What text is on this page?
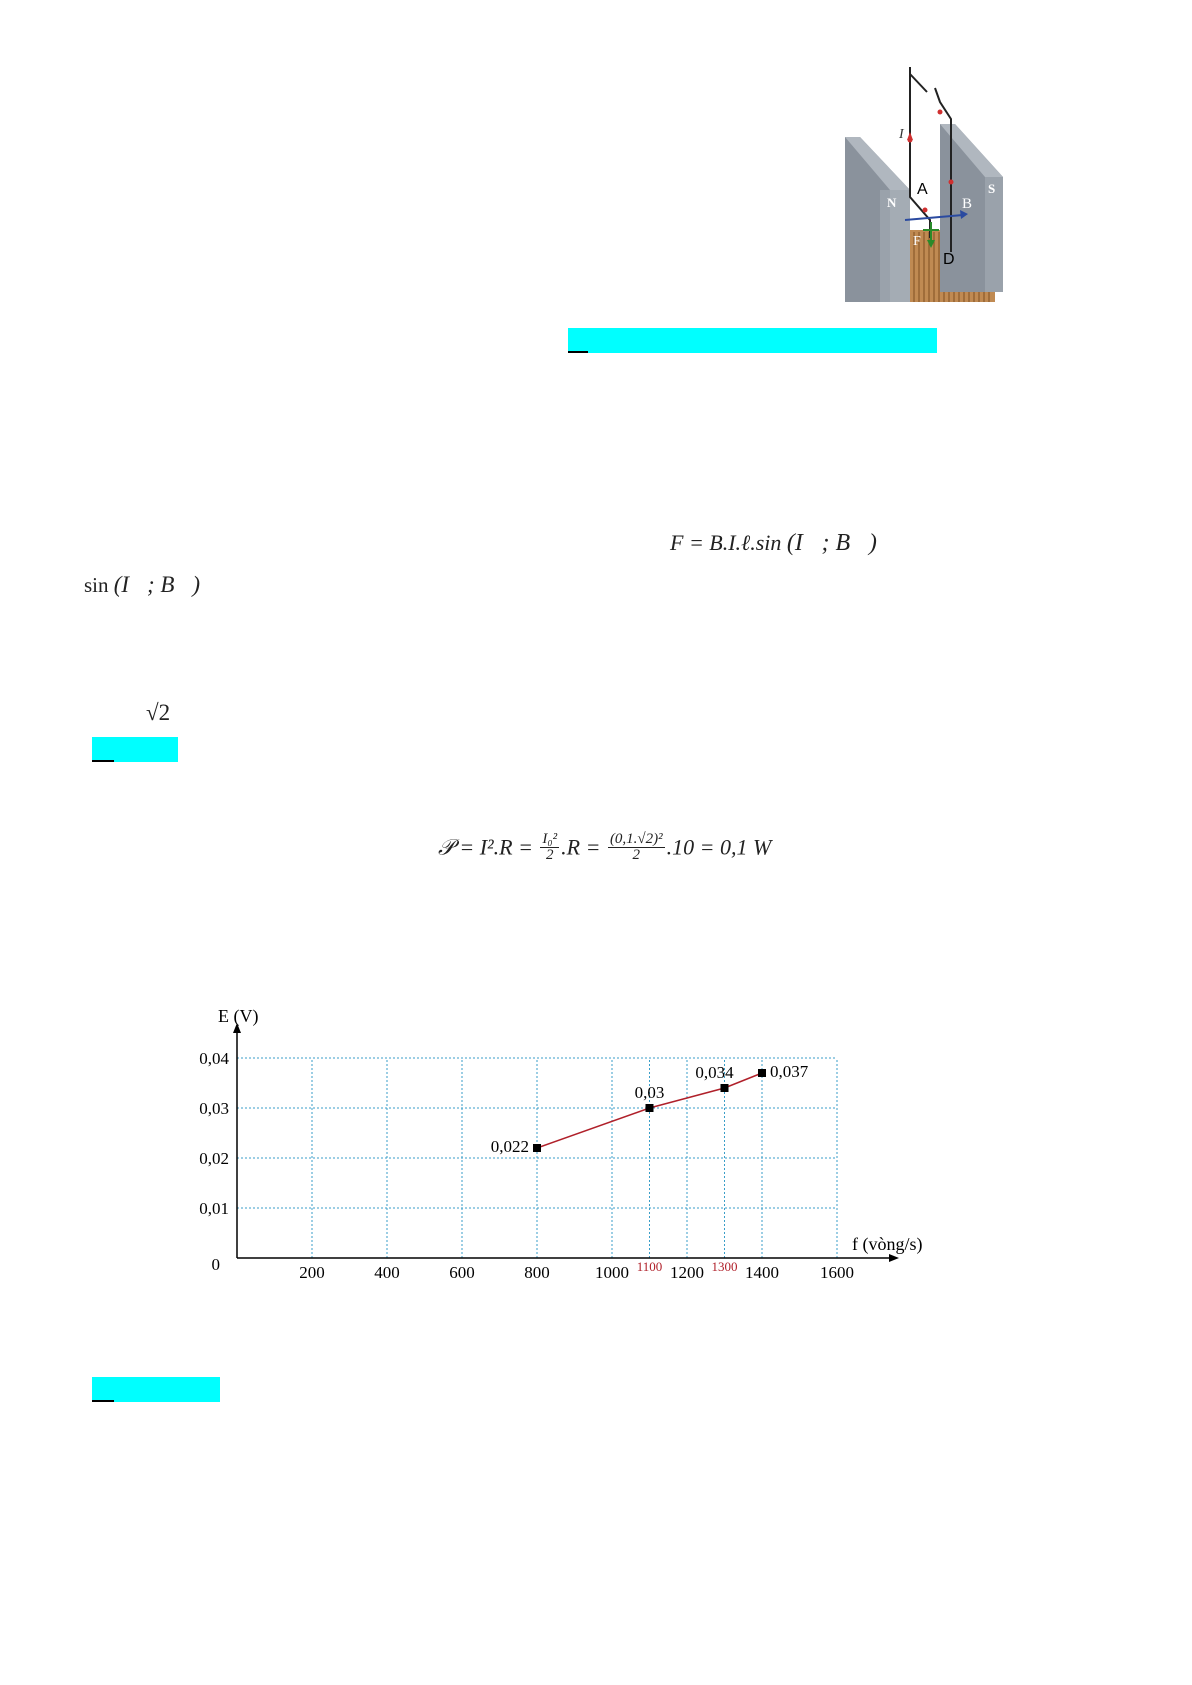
I
A
D
N
S
B
F
F = B.I.ℓ.sin (I⃗; B⃗)
sin (I⃗; B⃗)
√2
𝒫 = $I^2.R = \frac{\text{I₀²}}{2} .R = \frac{\text{(0,1.√2)²}}{2} .10 = 0,1$ W
E (V)
f (vòng/s)
0
0,01
0,02
0,03
0,04
200	400	600	800	1000 1200 1400 1600
1100	1300
0,022
0,03
0,034 0,037
